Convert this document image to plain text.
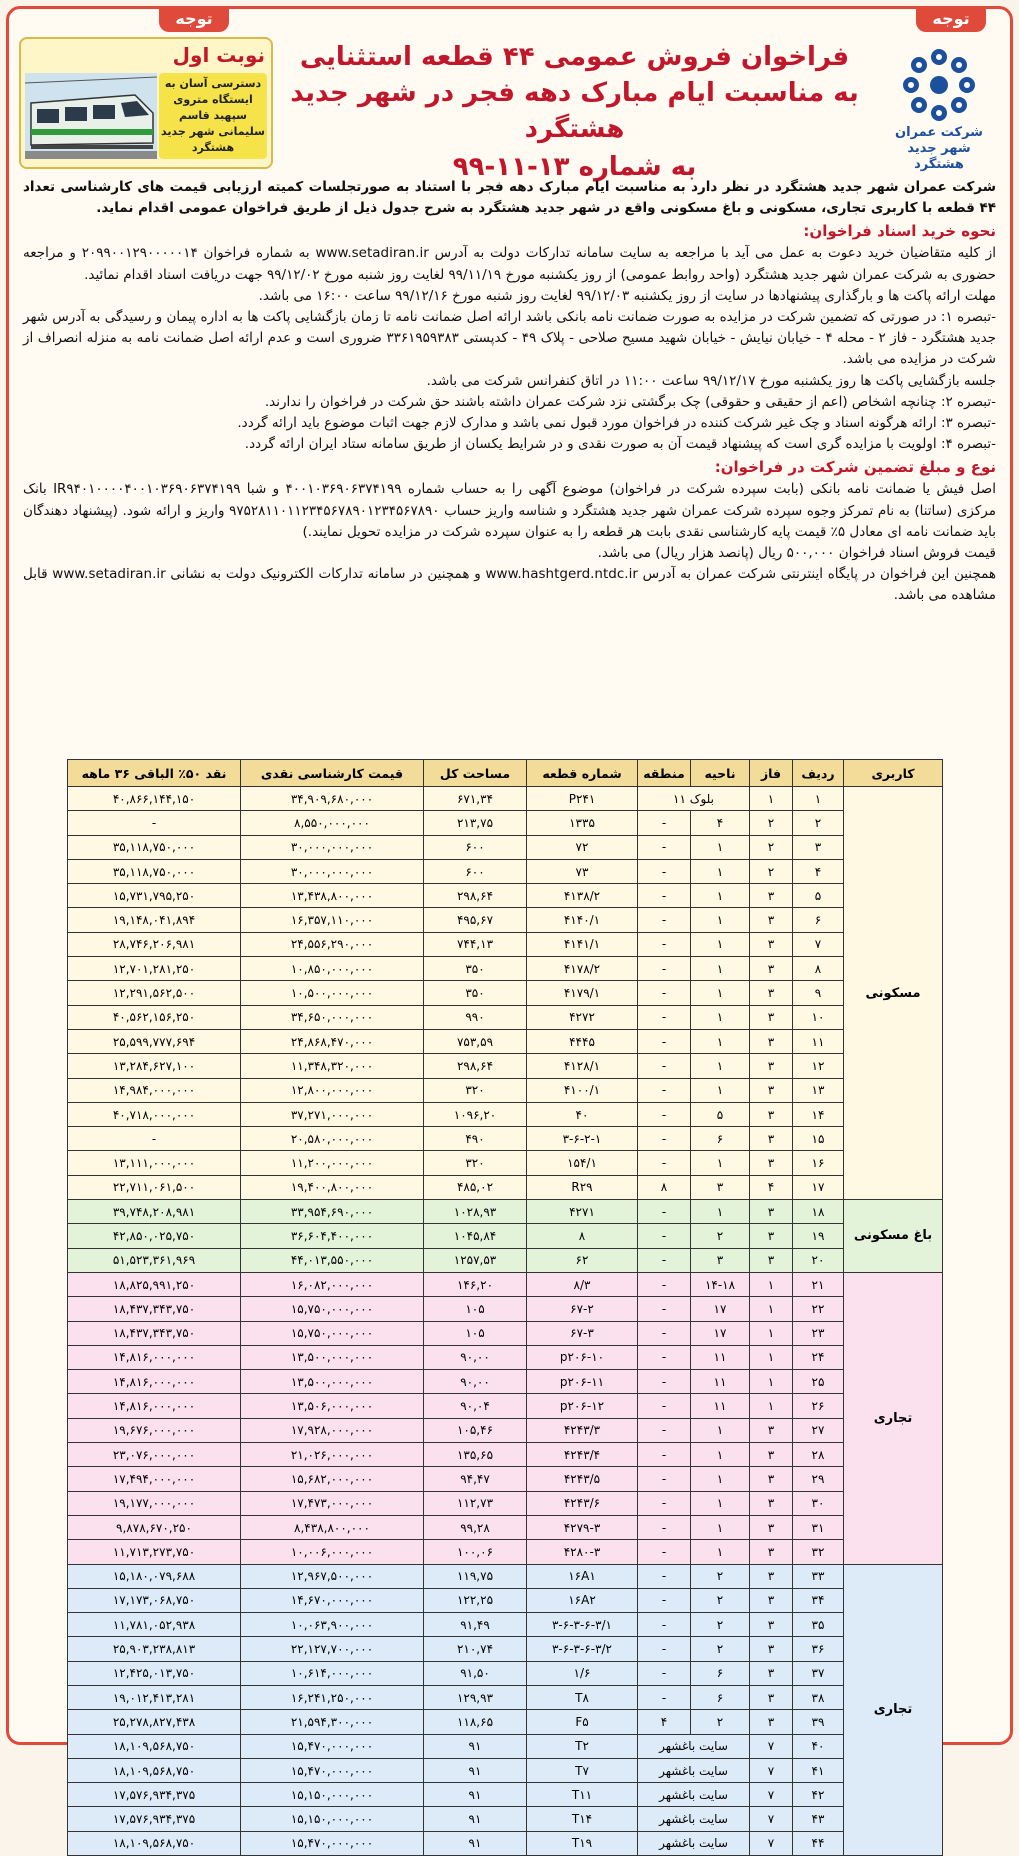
توجه
توجه
شرکت عمران
شهر جدید هشتگرد
فراخوان فروش عمومی ۴۴ قطعه استثنایی
به مناسبت ایام مبارک دهه فجر در شهر جدید هشتگرد
به شماره ۱۳-۱۱-۹۹
نوبت اول
دسترسی آسان به ایستگاه متروی سپهبد قاسم سلیمانی شهر جدید هشتگرد

شرکت عمران شهر جدید هشتگرد در نظر دارد به مناسبت ایام مبارک دهه فجر با استناد به صورتجلسات کمیته ارزیابی قیمت های کارشناسی تعداد ۴۴ قطعه با کاربری تجاری، مسکونی و باغ مسکونی واقع در شهر جدید هشتگرد به شرح جدول ذیل از طریق فراخوان عمومی اقدام نماید.

نحوه خرید اسناد فراخوان:

از کلیه متقاضیان خرید دعوت به عمل می آید با مراجعه به سایت سامانه تدارکات دولت به آدرس www.setadiran.ir به شماره فراخوان ۲۰۹۹۰۰۱۲۹۰۰۰۰۰۱۴ و مراجعه حضوری به شرکت عمران شهر جدید هشتگرد (واحد روابط عمومی) از روز یکشنبه مورخ ۹۹/۱۱/۱۹ لغایت روز شنبه مورخ ۹۹/۱۲/۰۲ جهت دریافت اسناد اقدام نمائید.

مهلت ارائه پاکت ها و بارگذاری پیشنهادها در سایت از روز یکشنبه ۹۹/۱۲/۰۳ لغایت روز شنبه مورخ ۹۹/۱۲/۱۶ ساعت ۱۶:۰۰ می باشد.

-تبصره ۱: در صورتی که تضمین شرکت در مزایده به صورت ضمانت نامه بانکی باشد ارائه اصل ضمانت نامه تا زمان بازگشایی پاکت ها به اداره پیمان و رسیدگی به آدرس شهر جدید هشتگرد - فاز ۲ - محله ۴ - خیابان نیایش - خیابان شهید مسیح صلاحی - پلاک ۴۹ - کدپستی ۳۳۶۱۹۵۹۳۸۳ ضروری است و عدم ارائه اصل ضمانت نامه به منزله انصراف از شرکت در مزایده می باشد.

جلسه بازگشایی پاکت ها روز یکشنبه مورخ ۹۹/۱۲/۱۷ ساعت ۱۱:۰۰ در اتاق کنفرانس شرکت می باشد.

-تبصره ۲: چنانچه اشخاص (اعم از حقیقی و حقوقی) چک برگشتی نزد شرکت عمران داشته باشند حق شرکت در فراخوان را ندارند.

-تبصره ۳: ارائه هرگونه اسناد و چک غیر شرکت کننده در فراخوان مورد قبول نمی باشد و مدارک لازم جهت اثبات موضوع باید ارائه گردد.

-تبصره ۴: اولویت با مزایده گری است که پیشنهاد قیمت آن به صورت نقدی و در شرایط یکسان از طریق سامانه ستاد ایران ارائه گردد.

نوع و مبلغ تضمین شرکت در فراخوان:

اصل فیش یا ضمانت نامه بانکی (بابت سپرده شرکت در فراخوان) موضوع آگهی را به حساب شماره ۴۰۰۱۰۳۶۹۰۶۳۷۴۱۹۹ و شبا IR۹۴۰۱۰۰۰۰۴۰۰۱۰۳۶۹۰۶۳۷۴۱۹۹ بانک مرکزی (ساتنا) به نام تمرکز وجوه سپرده شرکت عمران شهر جدید هشتگرد و شناسه واریز حساب ۹۷۵۲۸۱۱۰۱۱۲۳۴۵۶۷۸۹۰۱۲۳۴۵۶۷۸۹۰ واریز و ارائه شود. (پیشنهاد دهندگان باید ضمانت نامه ای معادل ۵٪ قیمت پایه کارشناسی نقدی بابت هر قطعه را به عنوان سپرده شرکت در مزایده تحویل نمایند.)

قیمت فروش اسناد فراخوان ۵۰۰,۰۰۰ ریال (پانصد هزار ریال) می باشد.

همچنین این فراخوان در پایگاه اینترنتی شرکت عمران به آدرس www.hashtgerd.ntdc.ir و همچنین در سامانه تدارکات الکترونیک دولت به نشانی www.setadiran.ir قابل مشاهده می باشد.

کاربری	ردیف	فاز	ناحیه	منطقه	شماره قطعه	مساحت کل	قیمت کارشناسی نقدی	نقد ۵۰٪ الباقی ۳۶ ماهه
مسکونی	۱	۱	بلوک ۱۱		P۲۴۱	۶۷۱,۳۴	۳۴,۹۰۹,۶۸۰,۰۰۰	۴۰,۸۶۶,۱۴۴,۱۵۰
	۲	۲	۴	-	۱۳۳۵	۲۱۳,۷۵	۸,۵۵۰,۰۰۰,۰۰۰	-
	۳	۲	۱	-	۷۲	۶۰۰	۳۰,۰۰۰,۰۰۰,۰۰۰	۳۵,۱۱۸,۷۵۰,۰۰۰
	۴	۲	۱	-	۷۳	۶۰۰	۳۰,۰۰۰,۰۰۰,۰۰۰	۳۵,۱۱۸,۷۵۰,۰۰۰
	۵	۳	۱	-	۴۱۳۸/۲	۲۹۸,۶۴	۱۳,۴۳۸,۸۰۰,۰۰۰	۱۵,۷۳۱,۷۹۵,۲۵۰
	۶	۳	۱	-	۴۱۴۰/۱	۴۹۵,۶۷	۱۶,۳۵۷,۱۱۰,۰۰۰	۱۹,۱۴۸,۰۴۱,۸۹۴
	۷	۳	۱	-	۴۱۴۱/۱	۷۴۴,۱۳	۲۴,۵۵۶,۲۹۰,۰۰۰	۲۸,۷۴۶,۲۰۶,۹۸۱
	۸	۳	۱	-	۴۱۷۸/۲	۳۵۰	۱۰,۸۵۰,۰۰۰,۰۰۰	۱۲,۷۰۱,۲۸۱,۲۵۰
	۹	۳	۱	-	۴۱۷۹/۱	۳۵۰	۱۰,۵۰۰,۰۰۰,۰۰۰	۱۲,۲۹۱,۵۶۲,۵۰۰
	۱۰	۳	۱	-	۴۲۷۲	۹۹۰	۳۴,۶۵۰,۰۰۰,۰۰۰	۴۰,۵۶۲,۱۵۶,۲۵۰
	۱۱	۳	۱	-	۴۴۴۵	۷۵۳,۵۹	۲۴,۸۶۸,۴۷۰,۰۰۰	۲۵,۵۹۹,۷۷۷,۶۹۴
	۱۲	۳	۱	-	۴۱۲۸/۱	۲۹۸,۶۴	۱۱,۳۴۸,۳۲۰,۰۰۰	۱۳,۲۸۴,۶۲۷,۱۰۰
	۱۳	۳	۱	-	۴۱۰۰/۱	۳۲۰	۱۲,۸۰۰,۰۰۰,۰۰۰	۱۴,۹۸۴,۰۰۰,۰۰۰
	۱۴	۳	۵	-	۴۰	۱۰۹۶,۲۰	۳۷,۲۷۱,۰۰۰,۰۰۰	۴۰,۷۱۸,۰۰۰,۰۰۰
	۱۵	۳	۶	-	۳-۶-۲-۱	۴۹۰	۲۰,۵۸۰,۰۰۰,۰۰۰	-
	۱۶	۳	۱	-	۱۵۴/۱	۳۲۰	۱۱,۲۰۰,۰۰۰,۰۰۰	۱۳,۱۱۱,۰۰۰,۰۰۰
	۱۷	۴	۳	۸	R۲۹	۴۸۵,۰۲	۱۹,۴۰۰,۸۰۰,۰۰۰	۲۲,۷۱۱,۰۶۱,۵۰۰
باغ مسکونی	۱۸	۳	۱	-	۴۲۷۱	۱۰۲۸,۹۳	۳۳,۹۵۴,۶۹۰,۰۰۰	۳۹,۷۴۸,۲۰۸,۹۸۱
	۱۹	۳	۲	-	۸	۱۰۴۵,۸۴	۳۶,۶۰۴,۴۰۰,۰۰۰	۴۲,۸۵۰,۰۲۵,۷۵۰
	۲۰	۳	۳	-	۶۲	۱۲۵۷,۵۳	۴۴,۰۱۳,۵۵۰,۰۰۰	۵۱,۵۲۳,۳۶۱,۹۶۹
تجاری	۲۱	۱	۱۴-۱۸	-	۸/۳	۱۴۶,۲۰	۱۶,۰۸۲,۰۰۰,۰۰۰	۱۸,۸۲۵,۹۹۱,۲۵۰
	۲۲	۱	۱۷	-	۶۷-۲	۱۰۵	۱۵,۷۵۰,۰۰۰,۰۰۰	۱۸,۴۳۷,۳۴۳,۷۵۰
	۲۳	۱	۱۷	-	۶۷-۳	۱۰۵	۱۵,۷۵۰,۰۰۰,۰۰۰	۱۸,۴۳۷,۳۴۳,۷۵۰
	۲۴	۱	۱۱	-	p۲۰۶-۱۰	۹۰,۰۰	۱۳,۵۰۰,۰۰۰,۰۰۰	۱۴,۸۱۶,۰۰۰,۰۰۰
	۲۵	۱	۱۱	-	p۲۰۶-۱۱	۹۰,۰۰	۱۳,۵۰۰,۰۰۰,۰۰۰	۱۴,۸۱۶,۰۰۰,۰۰۰
	۲۶	۱	۱۱	-	p۲۰۶-۱۲	۹۰,۰۴	۱۳,۵۰۶,۰۰۰,۰۰۰	۱۴,۸۱۶,۰۰۰,۰۰۰
	۲۷	۳	۱	-	۴۲۴۳/۳	۱۰۵,۴۶	۱۷,۹۲۸,۰۰۰,۰۰۰	۱۹,۶۷۶,۰۰۰,۰۰۰
	۲۸	۳	۱	-	۴۲۴۳/۴	۱۳۵,۶۵	۲۱,۰۲۶,۰۰۰,۰۰۰	۲۳,۰۷۶,۰۰۰,۰۰۰
	۲۹	۳	۱	-	۴۲۴۳/۵	۹۴,۴۷	۱۵,۶۸۲,۰۰۰,۰۰۰	۱۷,۴۹۴,۰۰۰,۰۰۰
	۳۰	۳	۱	-	۴۲۴۳/۶	۱۱۲,۷۳	۱۷,۴۷۳,۰۰۰,۰۰۰	۱۹,۱۷۷,۰۰۰,۰۰۰
	۳۱	۳	۱	-	۴۲۷۹-۳	۹۹,۲۸	۸,۴۳۸,۸۰۰,۰۰۰	۹,۸۷۸,۶۷۰,۲۵۰
	۳۲	۳	۱	-	۴۲۸۰-۳	۱۰۰,۰۶	۱۰,۰۰۶,۰۰۰,۰۰۰	۱۱,۷۱۳,۲۷۳,۷۵۰
تجاری	۳۳	۳	۲	-	۱۶A۱	۱۱۹,۷۵	۱۲,۹۶۷,۵۰۰,۰۰۰	۱۵,۱۸۰,۰۷۹,۶۸۸
	۳۴	۳	۲	-	۱۶A۲	۱۲۲,۲۵	۱۴,۶۷۰,۰۰۰,۰۰۰	۱۷,۱۷۳,۰۶۸,۷۵۰
	۳۵	۳	۲	-	۳-۶-۳-۶-۳/۱	۹۱,۴۹	۱۰,۰۶۳,۹۰۰,۰۰۰	۱۱,۷۸۱,۰۵۲,۹۳۸
	۳۶	۳	۲	-	۳-۶-۳-۶-۳/۲	۲۱۰,۷۴	۲۲,۱۲۷,۷۰۰,۰۰۰	۲۵,۹۰۳,۲۳۸,۸۱۳
	۳۷	۳	۶	-	۱/۶	۹۱,۵۰	۱۰,۶۱۴,۰۰۰,۰۰۰	۱۲,۴۲۵,۰۱۳,۷۵۰
	۳۸	۳	۶	-	T۸	۱۲۹,۹۳	۱۶,۲۴۱,۲۵۰,۰۰۰	۱۹,۰۱۲,۴۱۳,۲۸۱
	۳۹	۳	۲	۴	F۵	۱۱۸,۶۵	۲۱,۵۹۴,۳۰۰,۰۰۰	۲۵,۲۷۸,۸۲۷,۴۳۸
	۴۰	۷	سایت باغشهر		T۲	۹۱	۱۵,۴۷۰,۰۰۰,۰۰۰	۱۸,۱۰۹,۵۶۸,۷۵۰
	۴۱	۷	سایت باغشهر		T۷	۹۱	۱۵,۴۷۰,۰۰۰,۰۰۰	۱۸,۱۰۹,۵۶۸,۷۵۰
	۴۲	۷	سایت باغشهر		T۱۱	۹۱	۱۵,۱۵۰,۰۰۰,۰۰۰	۱۷,۵۷۶,۹۳۴,۳۷۵
	۴۳	۷	سایت باغشهر		T۱۴	۹۱	۱۵,۱۵۰,۰۰۰,۰۰۰	۱۷,۵۷۶,۹۳۴,۳۷۵
	۴۴	۷	سایت باغشهر		T۱۹	۹۱	۱۵,۴۷۰,۰۰۰,۰۰۰	۱۸,۱۰۹,۵۶۸,۷۵۰
